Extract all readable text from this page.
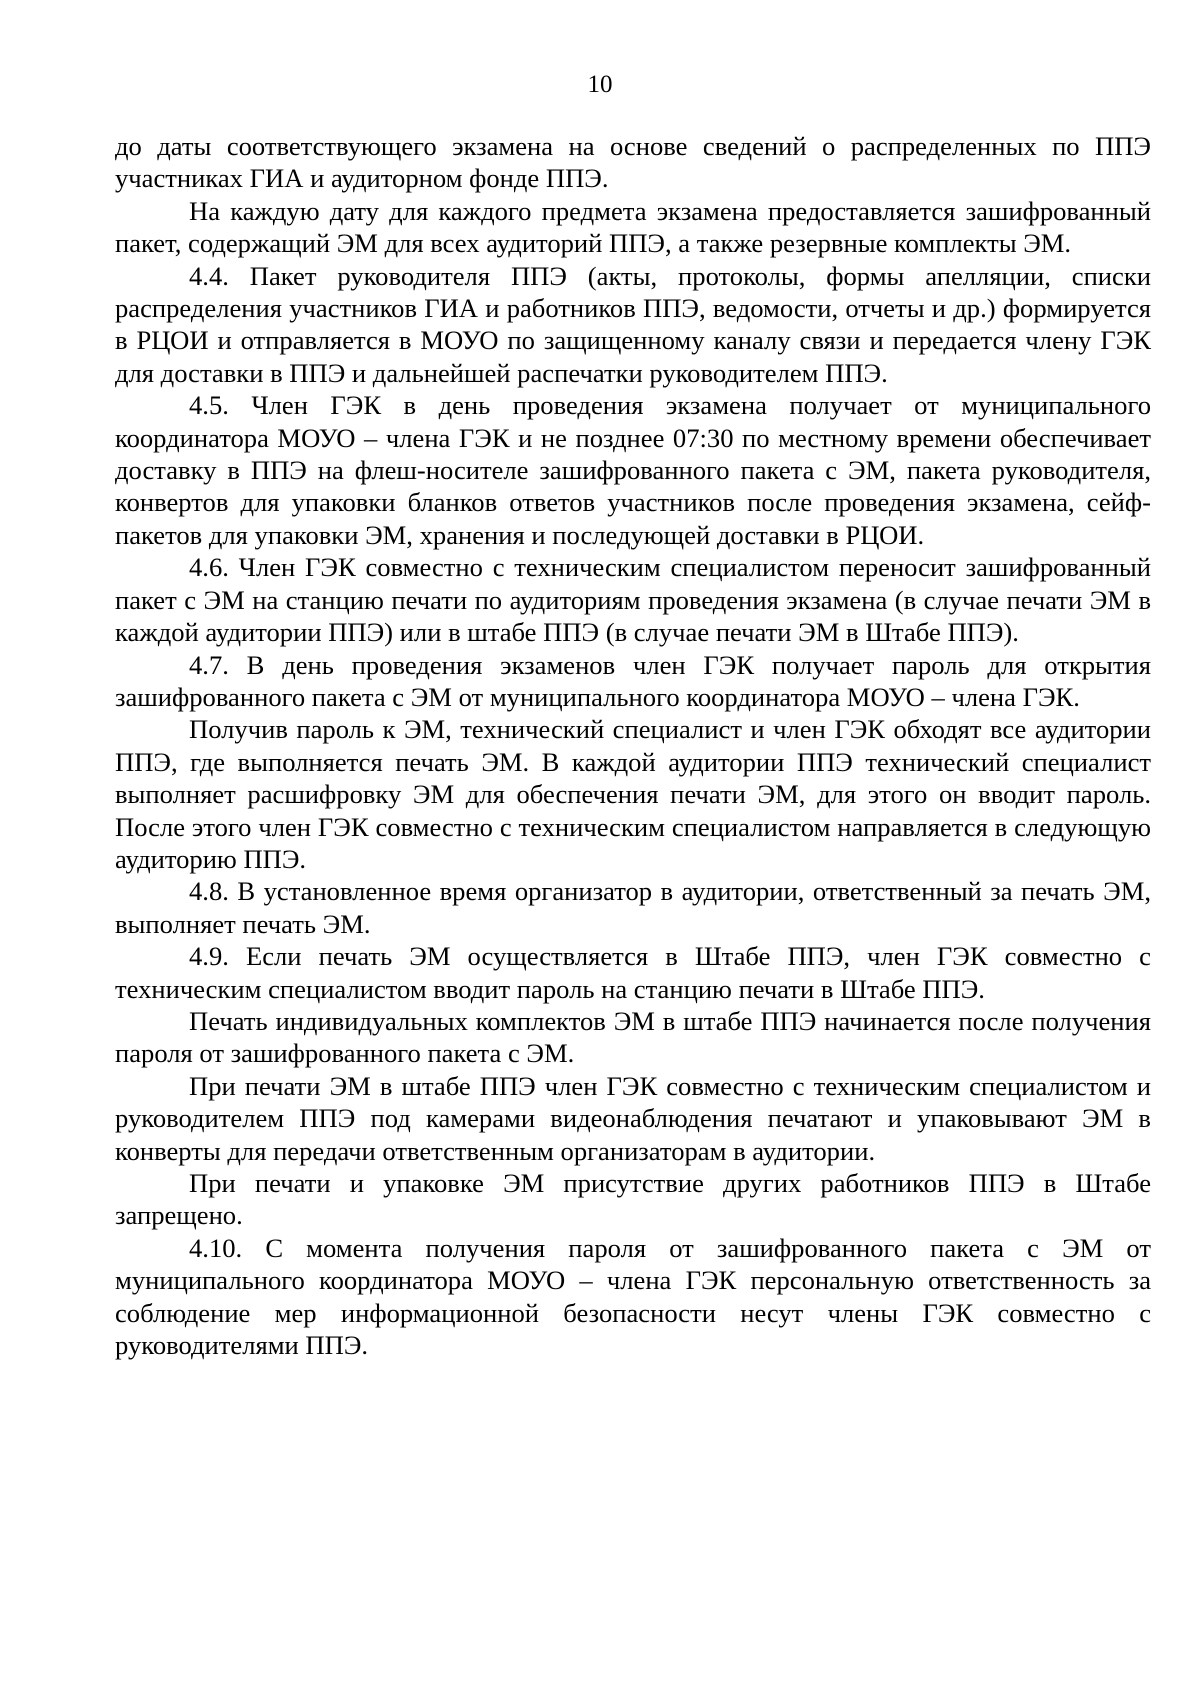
10

до даты соответствующего экзамена на основе сведений о распределенных по ППЭ участниках ГИА и аудиторном фонде ППЭ.

На каждую дату для каждого предмета экзамена предоставляется зашифрованный пакет, содержащий ЭМ для всех аудиторий ППЭ, а также резервные комплекты ЭМ.

4.4. Пакет руководителя ППЭ (акты, протоколы, формы апелляции, списки распределения участников ГИА и работников ППЭ, ведомости, отчеты и др.) формируется в РЦОИ и отправляется в МОУО по защищенному каналу связи и передается члену ГЭК для доставки в ППЭ и дальнейшей распечатки руководителем ППЭ.

4.5. Член ГЭК в день проведения экзамена получает от муниципального координатора МОУО – члена ГЭК и не позднее 07:30 по местному времени обеспечивает доставку в ППЭ на флеш-носителе зашифрованного пакета с ЭМ, пакета руководителя, конвертов для упаковки бланков ответов участников после проведения экзамена, сейф-пакетов для упаковки ЭМ, хранения и последующей доставки в РЦОИ.

4.6. Член ГЭК совместно с техническим специалистом переносит зашифрованный пакет с ЭМ на станцию печати по аудиториям проведения экзамена (в случае печати ЭМ в каждой аудитории ППЭ) или в штабе ППЭ (в случае печати ЭМ в Штабе ППЭ).

4.7. В день проведения экзаменов член ГЭК получает пароль для открытия зашифрованного пакета с ЭМ от муниципального координатора МОУО – члена ГЭК.

Получив пароль к ЭМ, технический специалист и член ГЭК обходят все аудитории ППЭ, где выполняется печать ЭМ. В каждой аудитории ППЭ технический специалист выполняет расшифровку ЭМ для обеспечения печати ЭМ, для этого он вводит пароль. После этого член ГЭК совместно с техническим специалистом направляется в следующую аудиторию ППЭ.

4.8. В установленное время организатор в аудитории, ответственный за печать ЭМ, выполняет печать ЭМ.

4.9. Если печать ЭМ осуществляется в Штабе ППЭ, член ГЭК совместно с техническим специалистом вводит пароль на станцию печати в Штабе ППЭ.

Печать индивидуальных комплектов ЭМ в штабе ППЭ начинается после получения пароля от зашифрованного пакета с ЭМ.

При печати ЭМ в штабе ППЭ член ГЭК совместно с техническим специалистом и руководителем ППЭ под камерами видеонаблюдения печатают и упаковывают ЭМ в конверты для передачи ответственным организаторам в аудитории.

При печати и упаковке ЭМ присутствие других работников ППЭ в Штабе запрещено.

4.10. С момента получения пароля от зашифрованного пакета с ЭМ от муниципального координатора МОУО – члена ГЭК персональную ответственность за соблюдение мер информационной безопасности несут члены ГЭК совместно с руководителями ППЭ.
